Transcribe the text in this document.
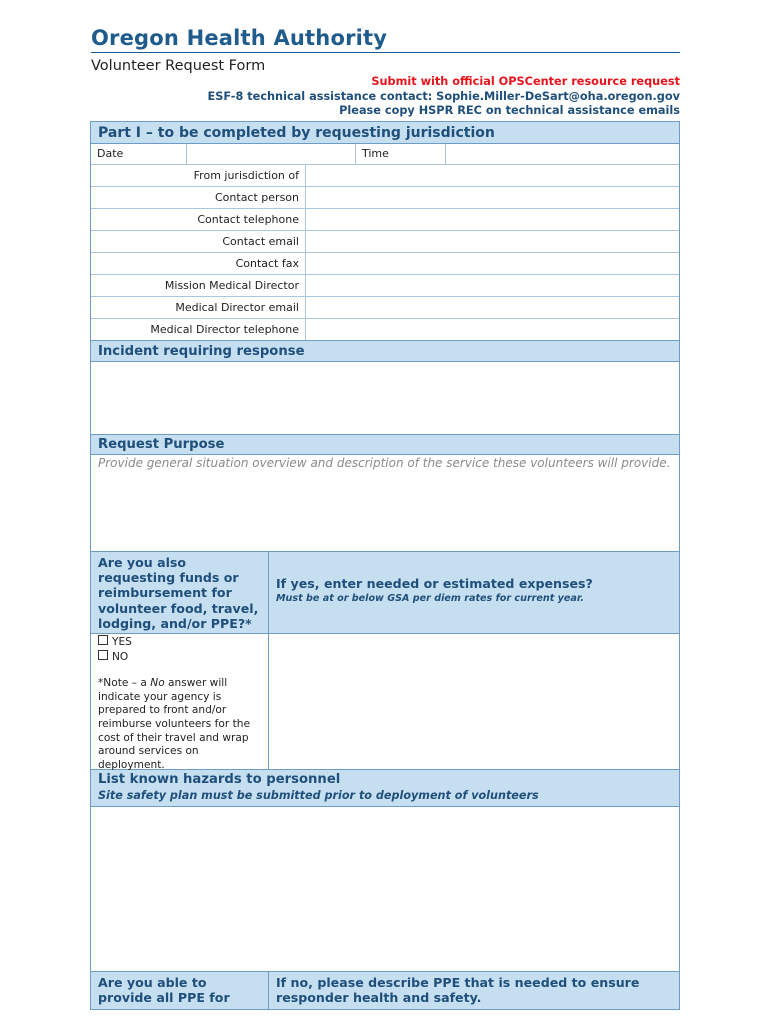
Oregon Health Authority
Volunteer Request Form
Submit with official OPSCenter resource request
ESF-8 technical assistance contact: Sophie.Miller-DeSart@oha.oregon.gov
Please copy HSPR REC on technical assistance emails
Part I – to be completed by requesting jurisdiction
Date	Time
From jurisdiction of
Contact person
Contact telephone
Contact email
Contact fax
Mission Medical Director
Medical Director email
Medical Director telephone
Incident requiring response
Request Purpose
Provide general situation overview and description of the service these volunteers will provide.
Are you also requesting funds or reimbursement for volunteer food, travel, lodging, and/or PPE?*
If yes, enter needed or estimated expenses?
Must be at or below GSA per diem rates for current year.
YES
NO
*Note – a No answer will indicate your agency is prepared to front and/or reimburse volunteers for the cost of their travel and wrap around services on deployment.
List known hazards to personnel
Site safety plan must be submitted prior to deployment of volunteers
Are you able to provide all PPE for
If no, please describe PPE that is needed to ensure responder health and safety.
